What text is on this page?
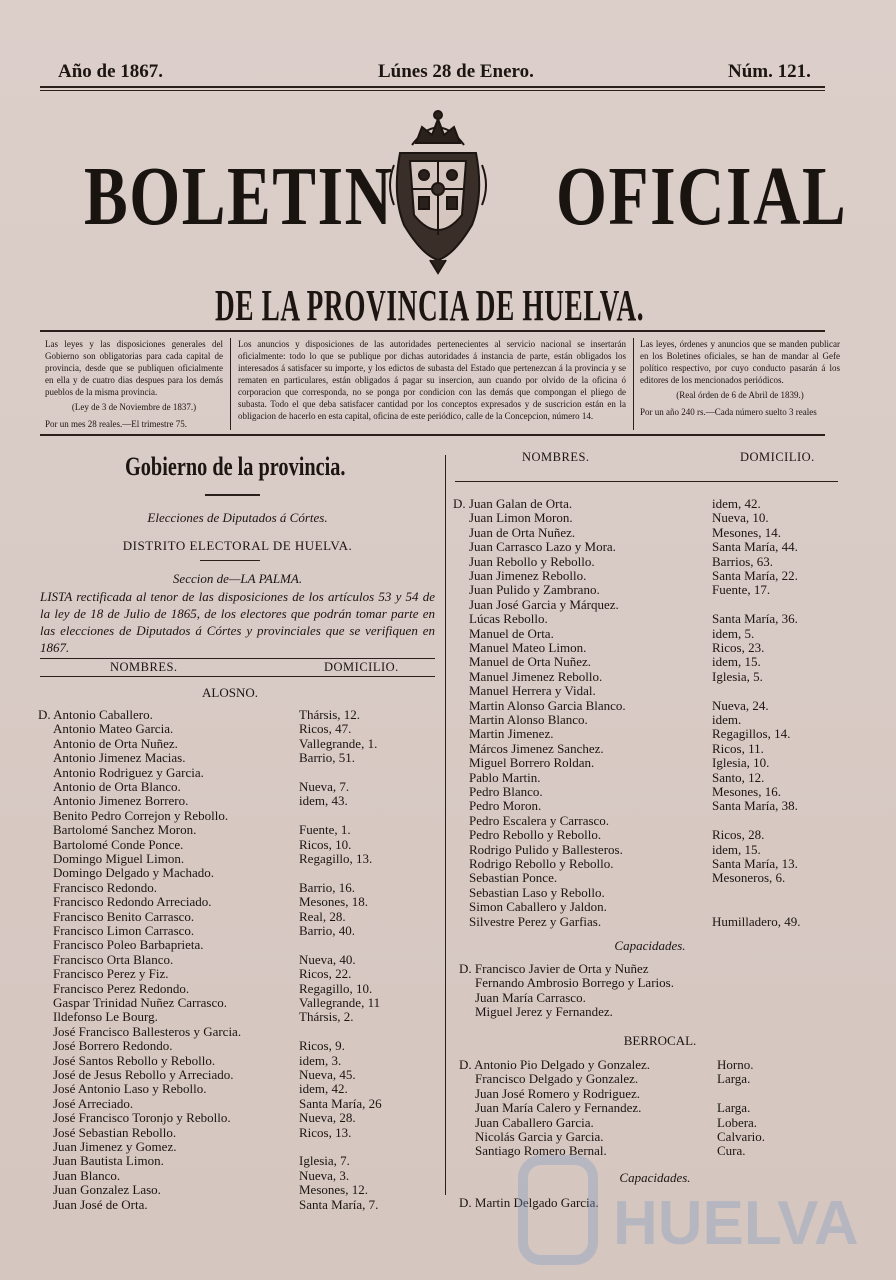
Año de 1867.	Lúnes 28 de Enero.	Núm. 121.
BOLETIN OFICIAL
DE LA PROVINCIA DE HUELVA.
Las leyes y las disposiciones generales del Gobierno son obligatorias para cada capital de provincia, desde que se publiquen oficialmente en ella y de cuatro dias despues para los demás pueblos de la misma provincia.
(Ley de 3 de Noviembre de 1837.)
Por un mes 28 reales.—El trimestre 75.
Los anuncios y disposiciones de las autoridades pertenecientes al servicio nacional se insertarán oficialmente: todo lo que se publique por dichas autoridades á instancia de parte, están obligados los interesados á satisfacer su importe, y los edictos de subasta del Estado que pertenezcan á la provincia y se rematen en particulares, están obligados á pagar su insercion, aun cuando por olvido de la oficina ó corporacion que corresponda, no se ponga por condicion con las demás que compongan el pliego de subasta. Todo el que deba satisfacer cantidad por los conceptos expresados y de suscricion están en la obligacion de hacerlo en esta capital, oficina de este periódico, calle de la Concepcion, número 14.
Las leyes, órdenes y anuncios que se manden publicar en los Boletines oficiales, se han de mandar al Gefe político respectivo, por cuyo conducto pasarán á los editores de los mencionados periódicos.
(Real órden de 6 de Abril de 1839.)
Por un año 240 rs.—Cada número suelto 3 reales
Gobierno de la provincia.
Elecciones de Diputados á Córtes.
DISTRITO ELECTORAL DE HUELVA.
Seccion de—LA PALMA.
LISTA rectificada al tenor de las disposiciones de los artículos 53 y 54 de la ley de 18 de Julio de 1865, de los electores que podrán tomar parte en las elecciones de Diputados á Córtes y provinciales que se verifiquen en 1867.
NOMBRES.	DOMICILIO.
ALOSNO.
D. Antonio Caballero.	Thársis, 12.
Antonio Mateo Garcia.	Ricos, 47.
Antonio de Orta Nuñez.	Vallegrande, 1.
Antonio Jimenez Macias.	Barrio, 51.
Antonio Rodriguez y Garcia.
Antonio de Orta Blanco.	Nueva, 7.
Antonio Jimenez Borrero.	idem, 43.
Benito Pedro Correjon y Rebollo.
Bartolomé Sanchez Moron.	Fuente, 1.
Bartolomé Conde Ponce.	Ricos, 10.
Domingo Miguel Limon.	Regagillo, 13.
Domingo Delgado y Machado.
Francisco Redondo.	Barrio, 16.
Francisco Redondo Arreciado.	Mesones, 18.
Francisco Benito Carrasco.	Real, 28.
Francisco Limon Carrasco.	Barrio, 40.
Francisco Poleo Barbaprieta.
Francisco Orta Blanco.	Nueva, 40.
Francisco Perez y Fiz.	Ricos, 22.
Francisco Perez Redondo.	Regagillo, 10.
Gaspar Trinidad Nuñez Carrasco.	Vallegrande, 11
Ildefonso Le Bourg.	Thársis, 2.
José Francisco Ballesteros y Garcia.
José Borrero Redondo.	Ricos, 9.
José Santos Rebollo y Rebollo.	idem, 3.
José de Jesus Rebollo y Arreciado.	Nueva, 45.
José Antonio Laso y Rebollo.	idem, 42.
José Arreciado.	Santa María, 26
José Francisco Toronjo y Rebollo.	Nueva, 28.
José Sebastian Rebollo.	Ricos, 13.
Juan Jimenez y Gomez.
Juan Bautista Limon.	Iglesia, 7.
Juan Blanco.	Nueva, 3.
Juan Gonzalez Laso.	Mesones, 12.
Juan José de Orta.	Santa María, 7.
NOMBRES.	DOMICILIO.
D. Juan Galan de Orta.	idem, 42.
Juan Limon Moron.	Nueva, 10.
Juan de Orta Nuñez.	Mesones, 14.
Juan Carrasco Lazo y Mora.	Santa María, 44.
Juan Rebollo y Rebollo.	Barrios, 63.
Juan Jimenez Rebollo.	Santa María, 22.
Juan Pulido y Zambrano.	Fuente, 17.
Juan José Garcia y Márquez.
Lúcas Rebollo.	Santa María, 36.
Manuel de Orta.	idem, 5.
Manuel Mateo Limon.	Ricos, 23.
Manuel de Orta Nuñez.	idem, 15.
Manuel Jimenez Rebollo.	Iglesia, 5.
Manuel Herrera y Vidal.
Martin Alonso Garcia Blanco.	Nueva, 24.
Martin Alonso Blanco.	idem.
Martin Jimenez.	Regagillos, 14.
Márcos Jimenez Sanchez.	Ricos, 11.
Miguel Borrero Roldan.	Iglesia, 10.
Pablo Martin.	Santo, 12.
Pedro Blanco.	Mesones, 16.
Pedro Moron.	Santa María, 38.
Pedro Escalera y Carrasco.
Pedro Rebollo y Rebollo.	Ricos, 28.
Rodrigo Pulido y Ballesteros.	idem, 15.
Rodrigo Rebollo y Rebollo.	Santa María, 13.
Sebastian Ponce.	Mesoneros, 6.
Sebastian Laso y Rebollo.
Simon Caballero y Jaldon.
Silvestre Perez y Garfias.	Humilladero, 49.
Capacidades.
D. Francisco Javier de Orta y Nuñez
Fernando Ambrosio Borrego y Larios.
Juan María Carrasco.
Miguel Jerez y Fernandez.
BERROCAL.
D. Antonio Pio Delgado y Gonzalez.	Horno.
Francisco Delgado y Gonzalez.	Larga.
Juan José Romero y Rodriguez.
Juan María Calero y Fernandez.	Larga.
Juan Caballero Garcia.	Lobera.
Nicolás Garcia y Garcia.	Calvario.
Santiago Romero Bernal.	Cura.
Capacidades.
D. Martin Delgado Garcia. HUELVA
